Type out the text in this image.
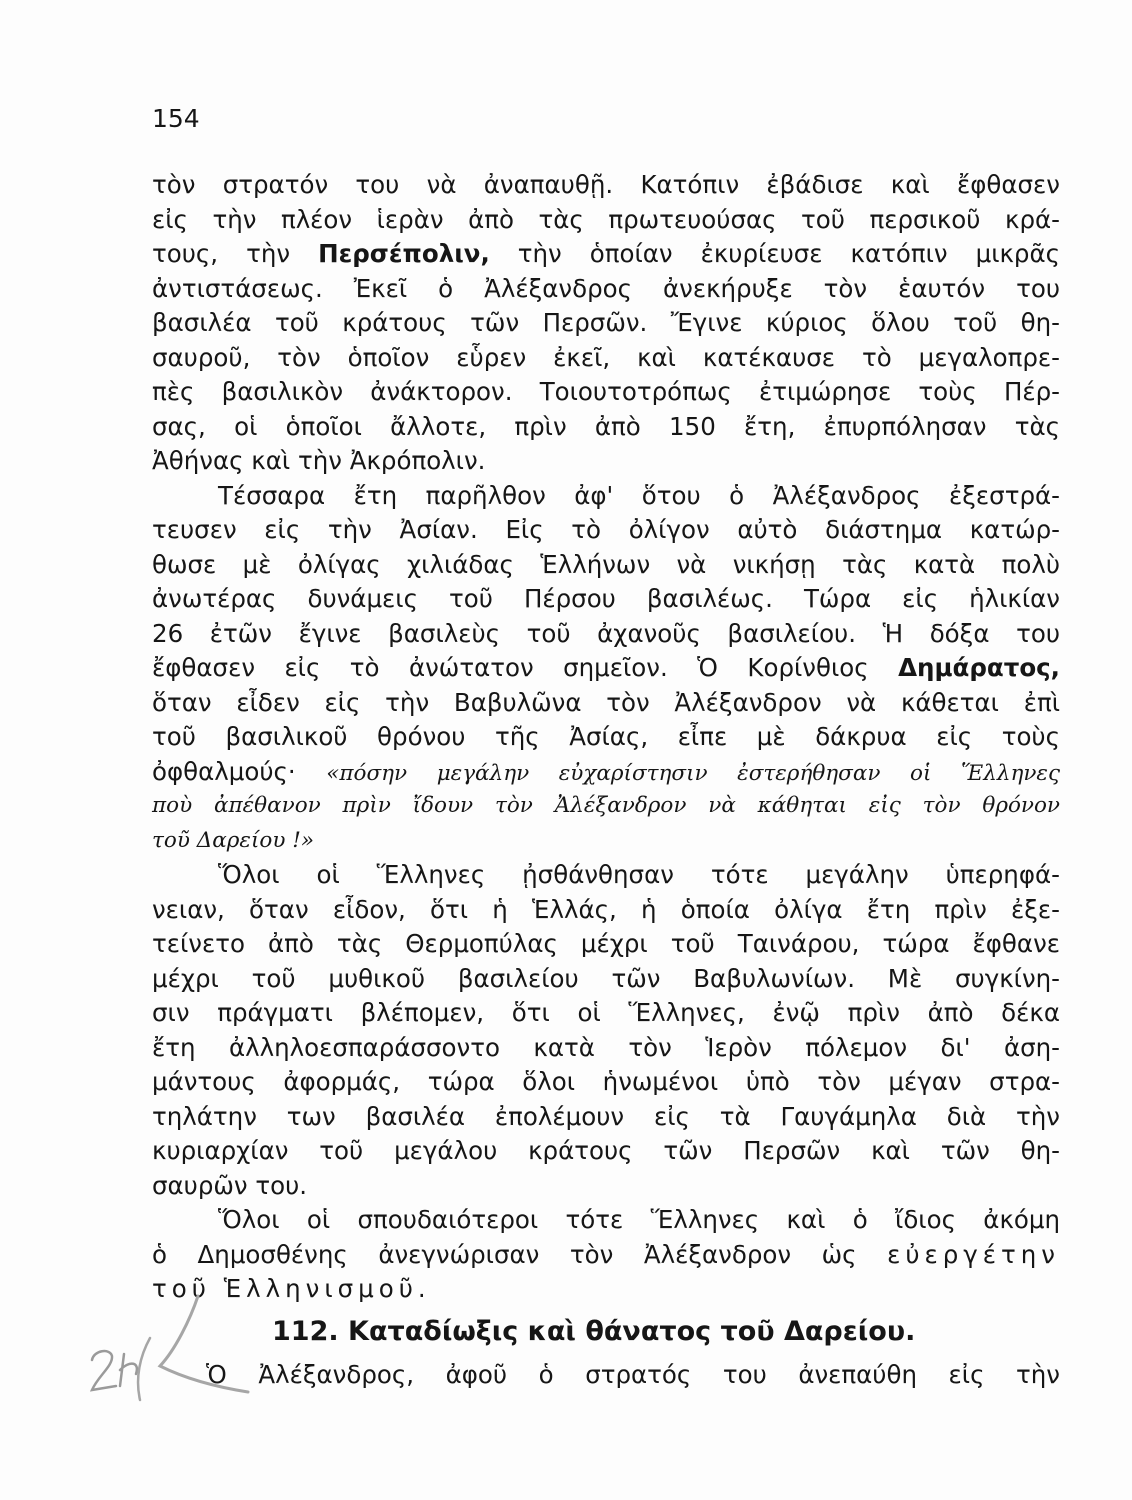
154

τὸν στρατόν του νὰ ἀναπαυθῇ. Κατόπιν ἐβάδισε καὶ ἔφθασεν

εἰς τὴν πλέον ἱερὰν ἀπὸ τὰς πρωτευούσας τοῦ περσικοῦ κρά-

τους, τὴν Περσέπολιν, τὴν ὁποίαν ἐκυρίευσε κατόπιν μικρᾶς

ἀντιστάσεως. Ἐκεῖ ὁ Ἀλέξανδρος ἀνεκήρυξε τὸν ἑαυτόν του

βασιλέα τοῦ κράτους τῶν Περσῶν. Ἔγινε κύριος ὅλου τοῦ θη-

σαυροῦ, τὸν ὁποῖον εὗρεν ἐκεῖ, καὶ κατέκαυσε τὸ μεγαλοπρε-

πὲς βασιλικὸν ἀνάκτορον. Τοιουτοτρόπως ἐτιμώρησε τοὺς Πέρ-

σας, οἱ ὁποῖοι ἄλλοτε, πρὶν ἀπὸ 150 ἔτη, ἐπυρπόλησαν τὰς

Ἀθήνας καὶ τὴν Ἀκρόπολιν.

Τέσσαρα ἔτη παρῆλθον ἀφ' ὅτου ὁ Ἀλέξανδρος ἐξεστρά-

τευσεν εἰς τὴν Ἀσίαν. Εἰς τὸ ὀλίγον αὐτὸ διάστημα κατώρ-

θωσε μὲ ὀλίγας χιλιάδας Ἑλλήνων νὰ νικήσῃ τὰς κατὰ πολὺ

ἀνωτέρας δυνάμεις τοῦ Πέρσου βασιλέως. Τώρα εἰς ἡλικίαν

26 ἐτῶν ἔγινε βασιλεὺς τοῦ ἀχανοῦς βασιλείου. Ἡ δόξα του

ἔφθασεν εἰς τὸ ἀνώτατον σημεῖον. Ὁ Κορίνθιος Δημάρατος,

ὅταν εἶδεν εἰς τὴν Βαβυλῶνα τὸν Ἀλέξανδρον νὰ κάθεται ἐπὶ

τοῦ βασιλικοῦ θρόνου τῆς Ἀσίας, εἶπε μὲ δάκρυα εἰς τοὺς

ὀφθαλμούς· «πόσην μεγάλην εὐχαρίστησιν ἐστερήθησαν οἱ Ἕλληνες

ποὺ ἀπέθανον πρὶν ἴδουν τὸν Ἀλέξανδρον νὰ κάθηται εἰς τὸν θρόνον

τοῦ Δαρείου !»

Ὅλοι οἱ Ἕλληνες ᾐσθάνθησαν τότε μεγάλην ὑπερηφά-

νειαν, ὅταν εἶδον, ὅτι ἡ Ἑλλάς, ἡ ὁποία ὀλίγα ἔτη πρὶν ἐξε-

τείνετο ἀπὸ τὰς Θερμοπύλας μέχρι τοῦ Ταινάρου, τώρα ἔφθανε

μέχρι τοῦ μυθικοῦ βασιλείου τῶν Βαβυλωνίων. Μὲ συγκίνη-

σιν πράγματι βλέπομεν, ὅτι οἱ Ἕλληνες, ἐνῷ πρὶν ἀπὸ δέκα

ἔτη ἀλληλοεσπαράσσοντο κατὰ τὸν Ἱερὸν πόλεμον δι' ἀση-

μάντους ἀφορμάς, τώρα ὅλοι ἡνωμένοι ὑπὸ τὸν μέγαν στρα-

τηλάτην των βασιλέα ἐπολέμουν εἰς τὰ Γαυγάμηλα διὰ τὴν

κυριαρχίαν τοῦ μεγάλου κράτους τῶν Περσῶν καὶ τῶν θη-

σαυρῶν του.

Ὅλοι οἱ σπουδαιότεροι τότε Ἕλληνες καὶ ὁ ἴδιος ἀκόμη

ὁ Δημοσθένης ἀνεγνώρισαν τὸν Ἀλέξανδρον ὡς εὐεργέτην

τοῦ Ἑλληνισμοῦ.

112. Καταδίωξις καὶ θάνατος τοῦ Δαρείου.

Ὁ Ἀλέξανδρος, ἀφοῦ ὁ στρατός του ἀνεπαύθη εἰς τὴν
